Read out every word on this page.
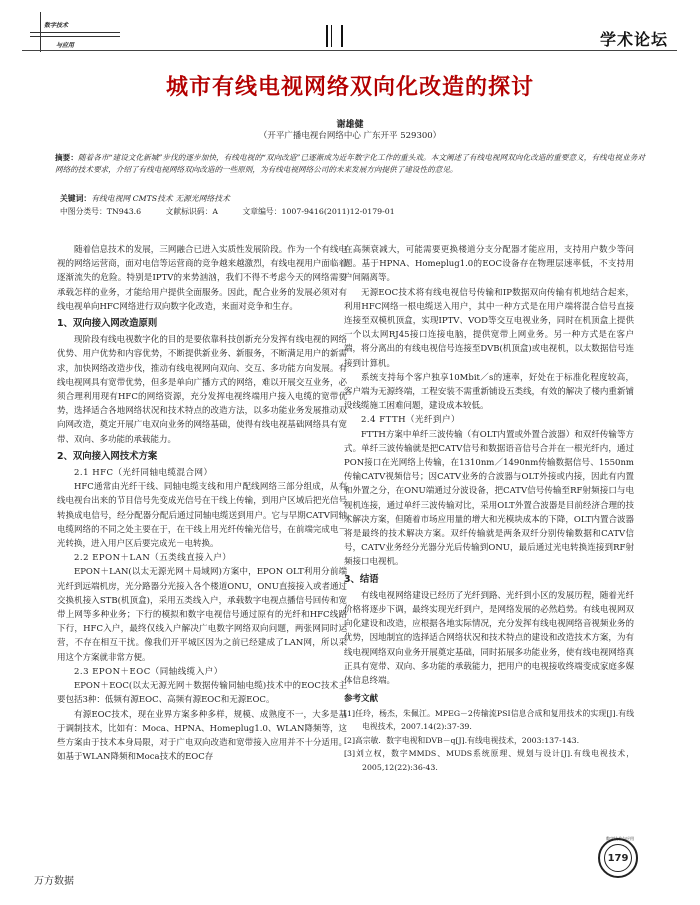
数字技术
与应用	学术论坛
城市有线电视网络双向化改造的探讨
谢雄健
（开平广播电视台网络中心 广东开平 529300）
摘要：随着各市“建设文化新城”步伐的逐步加快，有线电视的“双向改造”已逐渐成为近年数字化工作的重头戏。本文阐述了有线电视网双向化改造的重要意义，有线电视业务对网络的技术要求，介绍了有线电视网络双向改造的一些原则，为有线电视网络公司的未来发展方向提供了建设性的意见。
关键词：有线电视网 CMTS技术 无源光网络技术
中图分类号：TN943.6	文献标识码：A	文章编号：1007-9416(2011)12-0179-01

随着信息技术的发展，三网融合已进入实质性发展阶段。作为一个有线电视的网络运营商，面对电信等运营商的竞争越来越激烈，有线电视用户面临着逐渐流失的危险。特别是IPTV的来势汹汹，我们不得不考虑今天的网络需要承载怎样的业务，才能给用户提供全面服务。因此，配合业务的发展必须对有线电视单向HFC网络进行双向数字化改造，来面对竞争和生存。

1、双向接入网改造原则

现阶段有线电视数字化的目的是要依靠科技创新充分发挥有线电视的网络优势、用户优势和内容优势，不断提供新业务、新服务，不断满足用户的新需求，加快网络改造步伐，推动有线电视网向双向、交互、多功能方向发展。有线电视网具有宽带优势，但多是单向广播方式的网络，难以开展交互业务，必须合理利用现有HFC的网络资源，充分发挥电视终端用户接入电缆的宽带优势，选择适合各地网络状况和技术特点的改造方法，以多功能业务发展推动双向网改造，奠定开展广电双向业务的网络基础，使得有线电视基础网络具有宽带、双向、多功能的承载能力。

2、双向接入网技术方案
2.1 HFC（光纤同轴电缆混合网）

HFC通常由光纤干线、同轴电缆支线和用户配线网络三部分组成，从有线电视台出来的节目信号先变成光信号在干线上传输，到用户区域后把光信号转换成电信号，经分配器分配后通过同轴电缆送到用户。它与早期CATV同轴电缆网络的不同之处主要在于，在干线上用光纤传输光信号，在前端完成电－光转换，进入用户区后要完成光－电转换。

2.2 EPON＋LAN（五类线直接入户）

EPON＋LAN(以太无源光网＋局域网)方案中，EPON OLT利用分前端光纤到远端机房，光分路器分光接入各个楼道ONU，ONU直接接入或者通过交换机接入STB(机顶盒)，采用五类线入户，承载数字电视点播信号回传和宽带上网等多种业务；下行的模拟和数字电视信号通过原有的光纤和HFC线路下行，HFC入户，最终仅线入户解决广电数字网络双向问题，两张网同时运营，不存在相互干扰。像我们开平城区因为之前已经建成了LAN网，所以采用这个方案就非常方便。

2.3 EPON＋EOC（同轴线缆入户）

EPON＋EOC(以太无源光网＋数据传输同轴电缆)技术中的EOC技术主要包括3种：低频有源EOC、高频有源EOC和无源EOC。

有源EOC技术，现在业界方案多种多样，规模、成熟度不一，大多是基于调制技术，比如有：Moca、HPNA、Homeplug1.0、WLAN降频等，这些方案由于技术本身局限，对于广电双向改造和宽带接入应用并不十分适用。如基于WLAN降频和Moca技术的EOC存

在高频衰减大，可能需要更换楼道分支分配器才能应用，支持用户数少等问题。基于HPNA、Homeplug1.0的EOC设备存在物理层速率低，不支持用户间隔离等。

无源EOC技术将有线电视信号传输和IP数据双向传输有机地结合起来，利用HFC网络一根电缆送入用户，其中一种方式是在用户端将混合信号直接连接至双模机顶盒，实现IPTV、VOD等交互电视业务，同时在机顶盒上提供一个以太网RJ45接口连接电脑，提供宽带上网业务。另一种方式是在客户端，将分离出的有线电视信号连接至DVB(机顶盒)或电视机，以太数据信号连接到计算机。

系统支持每个客户独享10Mbit／s的速率，好处在于标准化程度较高，客户端为无源终端，工程安装不需重新铺设五类线，有效的解决了楼内重新铺设线缆施工困难问题，建设成本较低。

2.4 FTTH（光纤到户）

FTTH方案中单纤三波传输（有OLT内置或外置合波器）和双纤传输等方式。单纤三波传输就是把CATV信号和数据语音信号合并在一根光纤内，通过PON接口在光网络上传输，在1310nm／1490nm传输数据信号、1550nm传输CATV视频信号；因CATV业务的合波器与OLT外接或内接，因此有内置和外置之分，在ONU端通过分波设备，把CATV信号传输至RF射频接口与电视机连接，通过单纤三波传输对比，采用OLT外置合波器是目前经济合理的技术解决方案，但随着市场应用量的增大和光模块成本的下降，OLT内置合波器将是最终的技术解决方案。双纤传输就是两条双纤分别传输数据和CATV信号，CATV业务经分光器分光后传输到ONU，最后通过光电转换连接到RF射频接口电视机。

3、结语

有线电视网络建设已经历了光纤到路、光纤到小区的发展历程，随着光纤价格将逐步下调，最终实现光纤到户，是网络发展的必然趋势。有线电视网双向化建设和改造，应根据各地实际情况，充分发挥有线电视网络音视频业务的优势，因地制宜的选择适合网络状况和技术特点的建设和改造技术方案，为有线电视网络双向业务开展奠定基础，同时拓展多功能业务，使有线电视网络真正具有宽带、双向、多功能的承载能力，把用户的电视接收终端变成家庭多媒体信息终端。

参考文献
[1]任玲，杨杰，朱佩江。MPEG－2传输流PSI信息合成和复用技术的实现[J].有线电视技术，2007.14(2):37-39.
[2]高宗敏．数字电视和DVB－q[J].有线电视技术，2003:137-143.
[3]刘立权，数字MMDS、MUDS系统原理、规划与设计[J].有线电视技术，2005,12(22):36-43.
万方数据
179
数字技术与应用
